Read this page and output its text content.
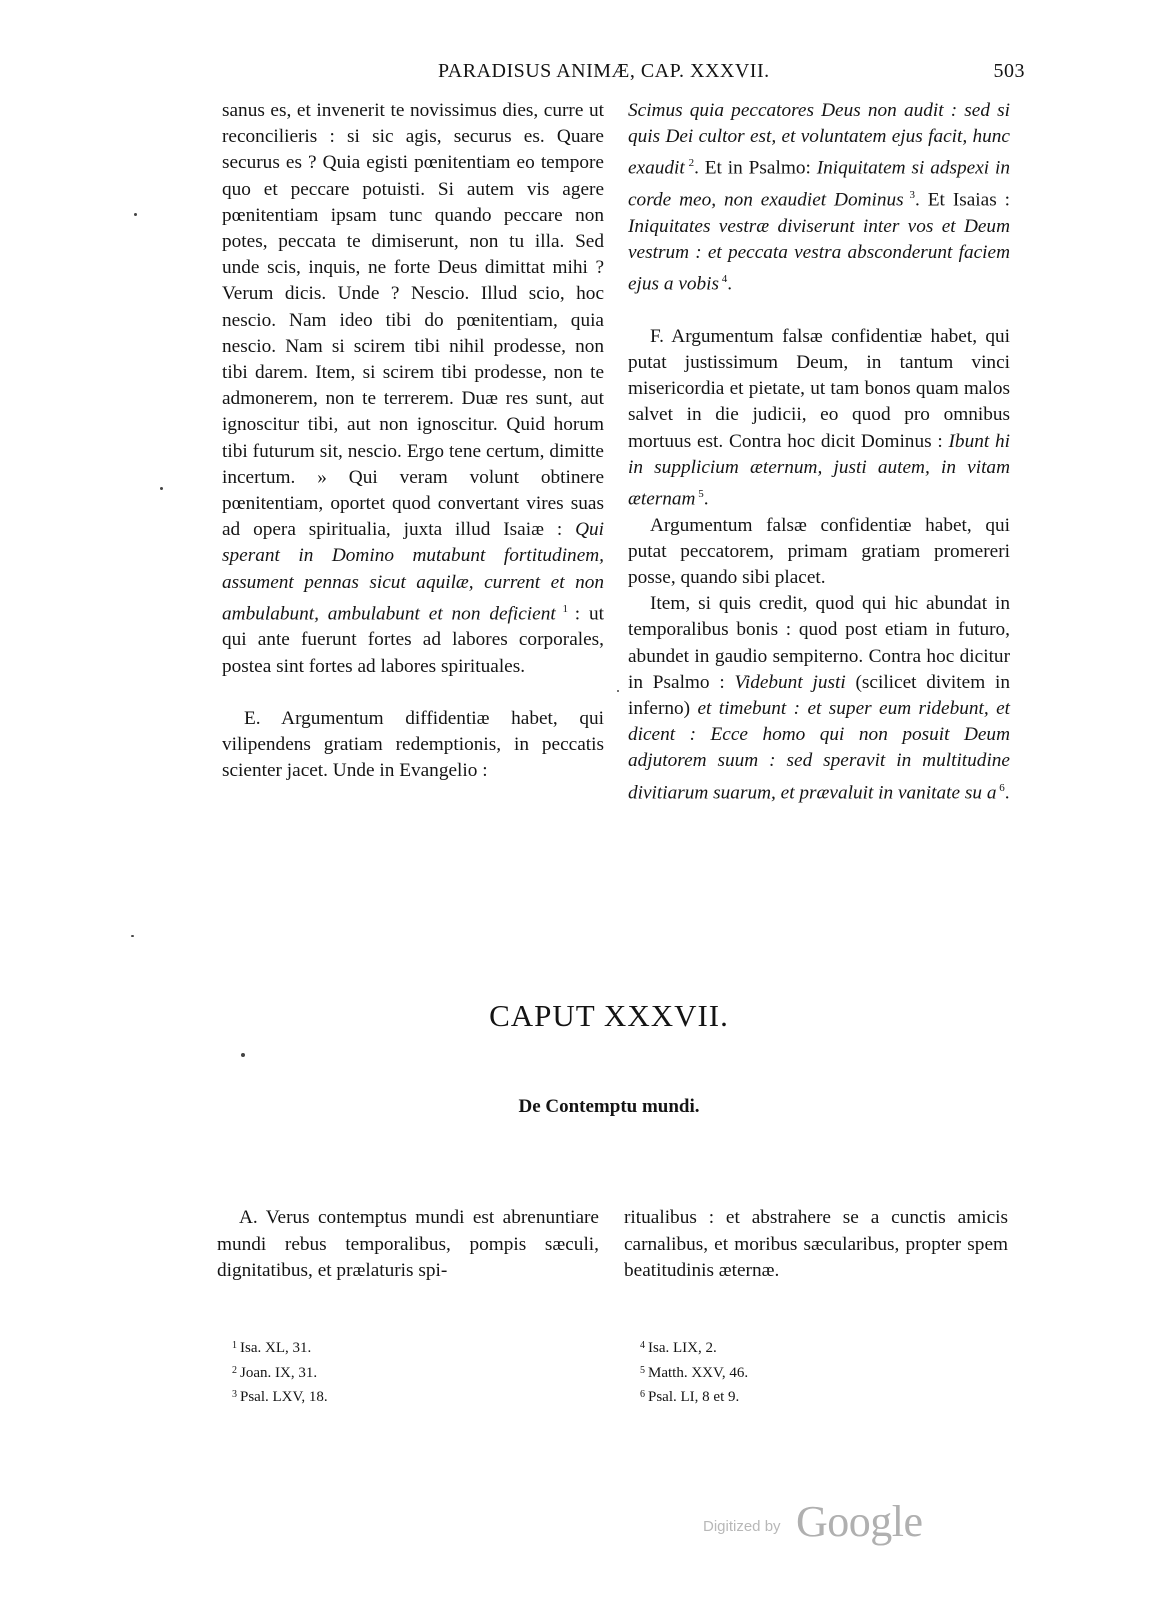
PARADISUS ANIMÆ, CAP. XXXVII.	503

sanus es, et invenerit te novissimus dies, curre ut reconcilieris : si sic agis, securus es. Quare securus es ? Quia egisti pœnitentiam eo tempore quo et peccare potuisti. Si autem vis agere pœnitentiam ipsam tunc quando peccare non potes, peccata te dimiserunt, non tu illa. Sed unde scis, inquis, ne forte Deus dimittat mihi ? Verum dicis. Unde ? Nescio. Illud scio, hoc nescio. Nam ideo tibi do pœnitentiam, quia nescio. Nam si scirem tibi nihil prodesse, non tibi darem. Item, si scirem tibi prodesse, non te admonerem, non te terrerem. Duæ res sunt, aut ignoscitur tibi, aut non ignoscitur. Quid horum tibi futurum sit, nescio. Ergo tene certum, dimitte incertum. » Qui veram volunt obtinere pœnitentiam, oportet quod convertant vires suas ad opera spiritualia, juxta illud Isaiæ : Qui sperant in Domino mutabunt fortitudinem, assument pennas sicut aquilæ, current et non ambulabunt, ambulabunt et non deficient $^1$ : ut qui ante fuerunt fortes ad labores corporales, postea sint fortes ad labores spirituales.

E. Argumentum diffidentiæ habet, qui vilipendens gratiam redemptionis, in peccatis scienter jacet. Unde in Evangelio :

Scimus quia peccatores Deus non audit : sed si quis Dei cultor est, et voluntatem ejus facit, hunc exaudit $^2$. Et in Psalmo: Iniquitatem si adspexi in corde meo, non exaudiet Dominus $^3$. Et Isaias : Iniquitates vestræ diviserunt inter vos et Deum vestrum : et peccata vestra absconderunt faciem ejus a vobis $^4$.

F. Argumentum falsæ confidentiæ habet, qui putat justissimum Deum, in tantum vinci misericordia et pietate, ut tam bonos quam malos salvet in die judicii, eo quod pro omnibus mortuus est. Contra hoc dicit Dominus : Ibunt hi in supplicium æternum, justi autem, in vitam æternam $^5$.

Argumentum falsæ confidentiæ habet, qui putat peccatorem, primam gratiam promereri posse, quando sibi placet.

Item, si quis credit, quod qui hic abundat in temporalibus bonis : quod post etiam in futuro, abundet in gaudio sempiterno. Contra hoc dicitur in Psalmo : Videbunt justi (scilicet divitem in inferno) et timebunt : et super eum ridebunt, et dicent : Ecce homo qui non posuit Deum adjutorem suum : sed speravit in multitudine divitiarum suarum, et prævaluit in vanitate su a $^6$.

CAPUT XXXVII.
De Contemptu mundi.

A. Verus contemptus mundi est abrenuntiare mundi rebus temporalibus, pompis sæculi, dignitatibus, et prælaturis spi-

ritualibus : et abstrahere se a cunctis amicis carnalibus, et moribus sæcularibus, propter spem beatitudinis æternæ.

$^1$ Isa. XL, 31.
$^2$ Joan. IX, 31.
$^3$ Psal. LXV, 18.
$^4$ Isa. LIX, 2.
$^5$ Matth. XXV, 46.
$^6$ Psal. LI, 8 et 9.
Digitized by Google
